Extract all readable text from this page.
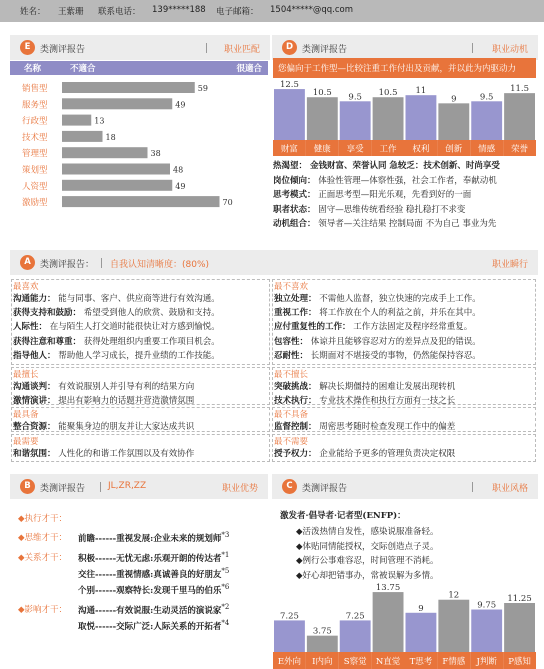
姓名： 王紫珊 联系电话： 139*****188 电子邮箱： 1504*****@qq.com
E	类测评报告	职业匹配
名称	不適合	很適合
销售型	59
服务型	49
行政型	13
技术型	18
管理型	38
策划型	48
人资型	49
激励型	70
D 类测评报告	职业动机
您偏向于工作型—比较注重工作付出及贡献，并以此为内驱动力
12.5
财富
10.5
健康
9.5
享受
10.5
工作
11
权利
9
创新
9.5
情感
11.5
荣誉
热渴望： 金钱财富、荣誉认同 急较乏：技术创新、时尚享受
岗位倾向： 体验性管理—体察性强，社会工作者，奉献动机
思考模式： 正面思考型—阳光乐观，先看到好的一面
职者状态： 固守—思维传统看经验 稳扎稳打不求变
动机组合： 领导者—关注结果 控制局面 不为自己 事业为先
A	类测评报告： 自我认知清晰度：(80%)	职业瞬行
最喜欢
沟通能力： 能与同事、客户、供应商等进行有效沟通。
获得支持和鼓励： 希望受到他人的欣赏、鼓励和支持。
人际性： 在与陌生人打交道时能很快让对方感到愉悦。
获得注意和尊重： 获得处理组织内重要工作项目机会。
指导他人： 帮助他人学习成长，提升业绩的工作技能。
最擅长
沟通谈判： 有效说服别人并引导有利的结果方向
激情演讲： 提出有影响力的话题并营造激情氛围
最具备
整合资源： 能聚集身边的朋友并让大家达成共识
最需要
和谐氛围： 人性化的和谐工作氛围以及有效协作
最不喜欢
独立处理： 不需他人监督，独立快速的完成手上工作。
重视工作： 将工作放在个人的利益之前，并乐在其中。
应付重复性的工作： 工作方法固定及程序经常重复。
包容性： 体谅并且能够容忍对方的差异点及犯的错误。
忍耐性： 长期面对不堪接受的事物，仍然能保持容忍。
最不擅长
突破挑战： 解决长期僵持的困难让发展出现转机
技术执行： 专业技术操作和执行方面有一技之长
最不具备
监督控制： 周密思考随时检查发现工作中的偏差
最不需要
授予权力： 企业能给予更多的管理负责决定权限
B	类测评报告	JL,ZR,ZZ	职业优势
◆执行才干：
◆思维才干： 前瞻------重视发展:企业未来的规划师$^{*3}$
◆关系才干： 积极------无忧无虑:乐观开朗的传达者$^{*1}$
交往------重视情感:真诚善良的好朋友$^{*5}$
个别------观察特长:发现千里马的伯乐$^{*6}$
◆影响才干： 沟通------有效说服:生动灵活的演说家$^{*2}$
取悦------交际广泛:人际关系的开拓者$^{*4}$
C	类测评报告	职业风格
激发者·倡导者·记者型(ENFP)：
◆活泼热情自发性，感染说服准备轻。
◆体贴同情能授权，交际创造点子灵。
◆例行公事难容忍，时间管理不消耗。
◆好心却把错事办，常被误解为多情。
7.25
E外向
3.75
I内向
7.25
S察觉
13.75
N直觉
9
T思考
12
F情感
9.75
J判断
11.25
P感知
